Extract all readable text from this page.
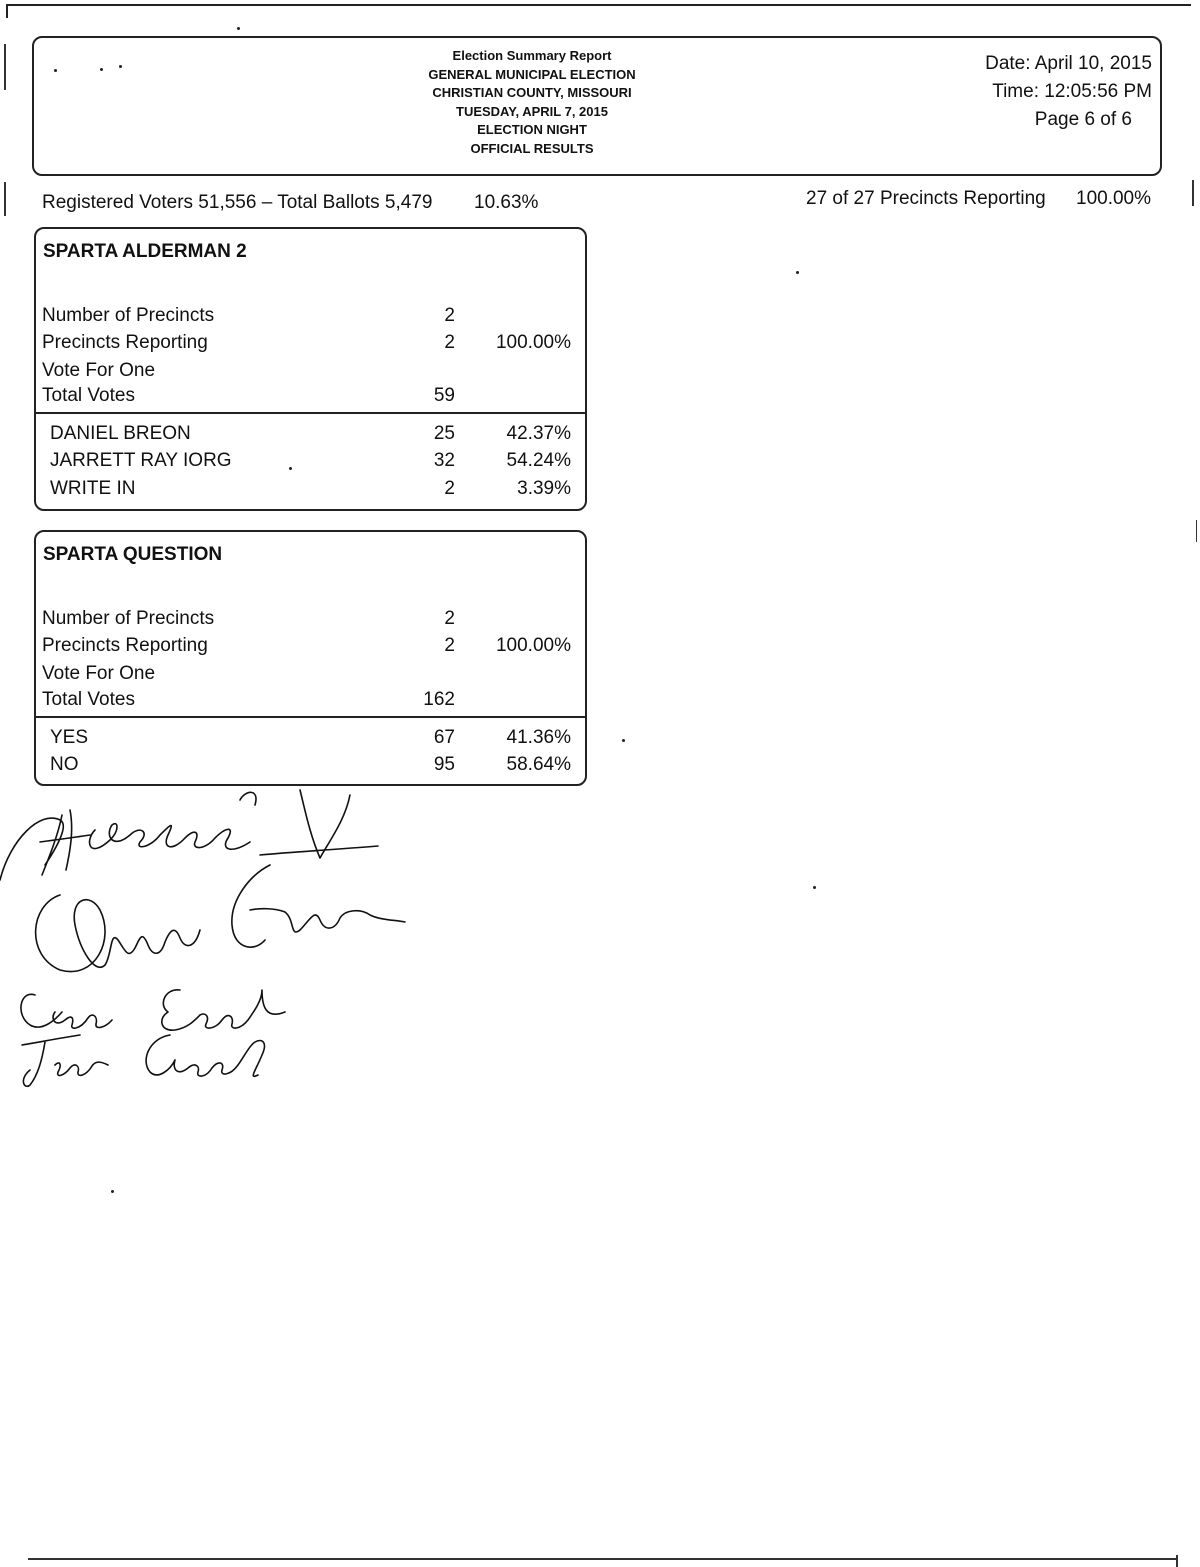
Election Summary Report
GENERAL MUNICIPAL ELECTION
CHRISTIAN COUNTY, MISSOURI
TUESDAY, APRIL 7, 2015
ELECTION NIGHT
OFFICIAL RESULTS
Date: April 10, 2015
Time: 12:05:56 PM
Page 6 of 6
Registered Voters 51,556 – Total Ballots 5,479 10.63%	27 of 27 Precincts Reporting 100.00%
SPARTA ALDERMAN 2
Number of Precincts	2
Precincts Reporting	2 100.00%
Vote For One
Total Votes	59
DANIEL BREON	25	42.37%
JARRETT RAY IORG	32	54.24%
WRITE IN	2	3.39%
SPARTA QUESTION
Number of Precincts	2
Precincts Reporting	2 100.00%
Vote For One
Total Votes	162
YES	67	41.36%
NO	95	58.64%
